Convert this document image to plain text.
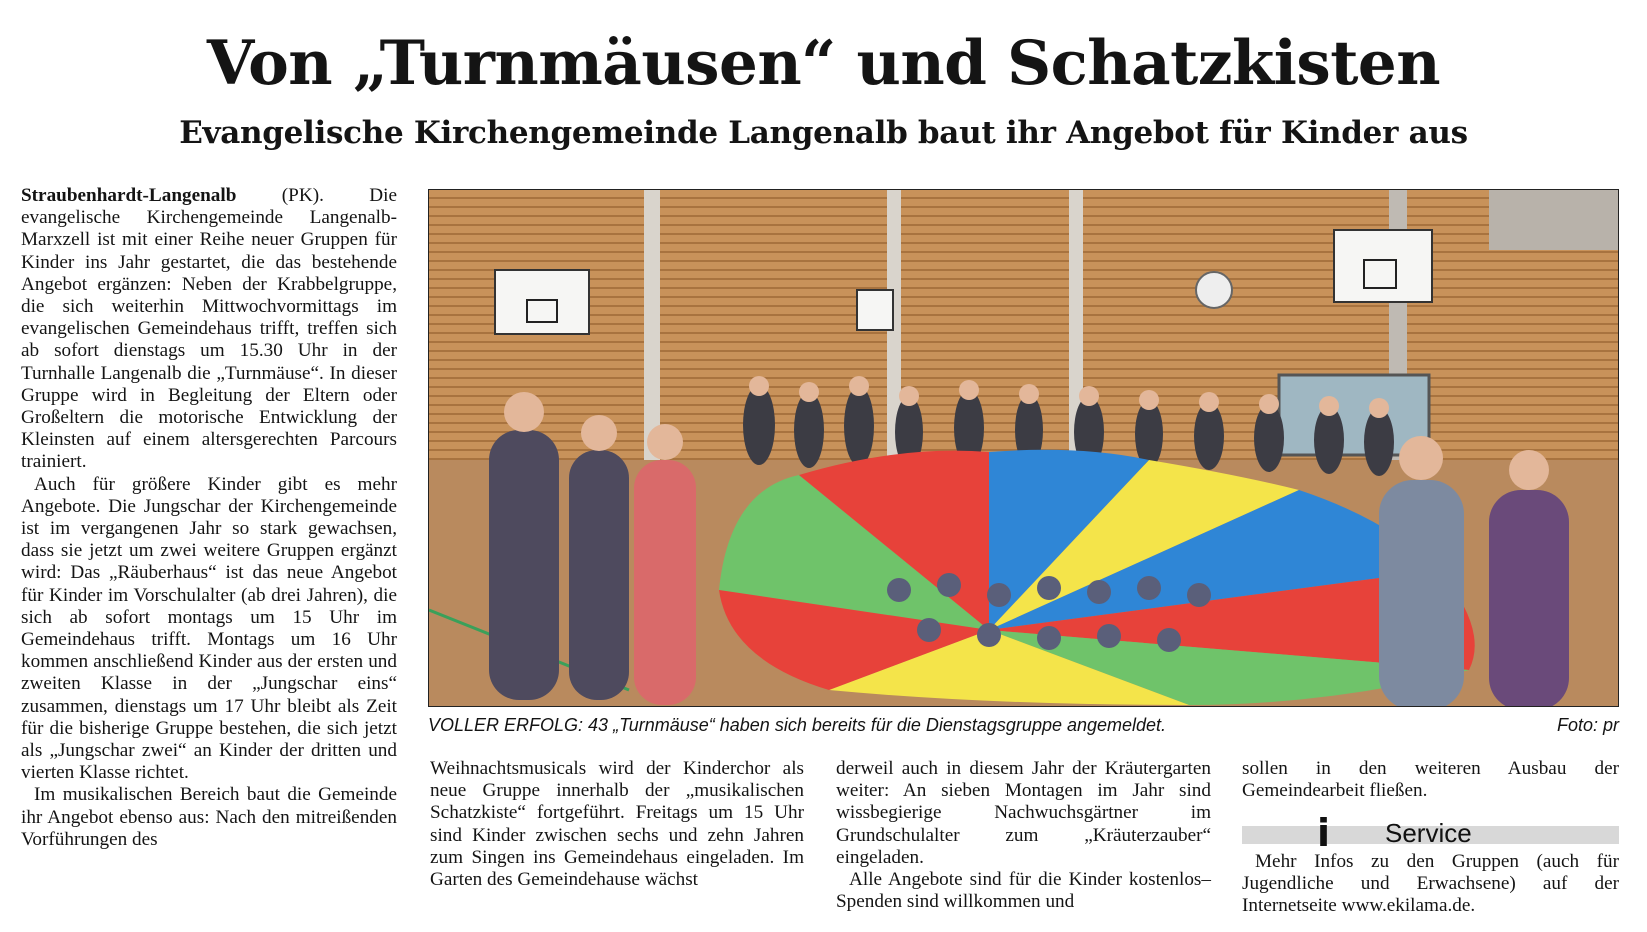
Von „Turnmäusen“ und Schatzkisten
Evangelische Kirchengemeinde Langenalb baut ihr Angebot für Kinder aus

Straubenhardt-Langenalb (PK). Die evangelische Kirchengemeinde Langenalb-Marxzell ist mit einer Reihe neuer Gruppen für Kinder ins Jahr gestartet, die das bestehende Angebot ergänzen: Neben der Krabbelgruppe, die sich weiterhin Mittwochvormittags im evangelischen Gemeindehaus trifft, treffen sich ab sofort dienstags um 15.30 Uhr in der Turnhalle Langenalb die „Turnmäuse“. In dieser Gruppe wird in Begleitung der Eltern oder Großeltern die motorische Entwicklung der Kleinsten auf einem altersgerechten Parcours trainiert.

Auch für größere Kinder gibt es mehr Angebote. Die Jungschar der Kirchengemeinde ist im vergangenen Jahr so stark gewachsen, dass sie jetzt um zwei weitere Gruppen ergänzt wird: Das „Räuberhaus“ ist das neue Angebot für Kinder im Vorschulalter (ab drei Jahren), die sich ab sofort montags um 15 Uhr im Gemeindehaus trifft. Montags um 16 Uhr kommen anschließend Kinder aus der ersten und zweiten Klasse in der „Jungschar eins“ zusammen, dienstags um 17 Uhr bleibt als Zeit für die bisherige Gruppe bestehen, die sich jetzt als „Jungschar zwei“ an Kinder der dritten und vierten Klasse richtet.

Im musikalischen Bereich baut die Gemeinde ihr Angebot ebenso aus: Nach den mitreißenden Vorführungen des

VOLLER ERFOLG: 43 „Turnmäuse“ haben sich bereits für die Dienstagsgruppe angemeldet.	Foto: pr

Weihnachtsmusicals wird der Kinderchor als neue Gruppe innerhalb der „musikalischen Schatzkiste“ fortgeführt. Freitags um 15 Uhr sind Kinder zwischen sechs und zehn Jahren zum Singen ins Gemeindehaus eingeladen. Im Garten des Gemeindehause wächst

derweil auch in diesem Jahr der Kräutergarten weiter: An sieben Montagen im Jahr sind wissbegierige Nachwuchsgärtner im Grundschulalter zum „Kräuterzauber“ eingeladen.

Alle Angebote sind für die Kinder kostenlos– Spenden sind willkommen und

sollen in den weiteren Ausbau der Gemeindearbeit fließen.

i Service

Mehr Infos zu den Gruppen (auch für Jugendliche und Erwachsene) auf der Internetseite www.ekilama.de.
